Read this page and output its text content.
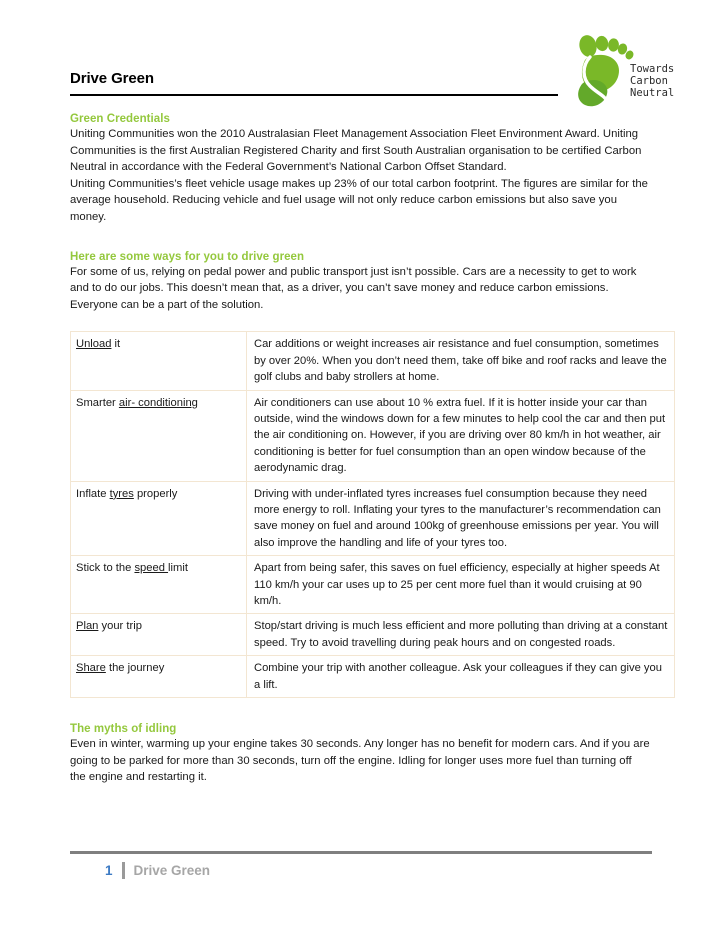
Towards
Carbon
Neutral
Drive Green
Green Credentials

Uniting Communities won the 2010 Australasian Fleet Management Association Fleet Environment Award. Uniting Communities is the first Australian Registered Charity and first South Australian organisation to be certified Carbon Neutral in accordance with the Federal Government’s National Carbon Offset Standard.

Uniting Communities’s fleet vehicle usage makes up 23% of our total carbon footprint. The figures are similar for the average household. Reducing vehicle and fuel usage will not only reduce carbon emissions but also save you money.

Here are some ways for you to drive green

For some of us, relying on pedal power and public transport just isn’t possible. Cars are a necessity to get to work and to do our jobs. This doesn’t mean that, as a driver, you can’t save money and reduce carbon emissions. Everyone can be a part of the solution.

Unload it	Car additions or weight increases air resistance and fuel consumption, sometimes by over 20%. When you don’t need them, take off bike and roof racks and leave the golf clubs and baby strollers at home.
Smarter air- conditioning	Air conditioners can use about 10 % extra fuel. If it is hotter inside your car than outside, wind the windows down for a few minutes to help cool the car and then put the air conditioning on. However, if you are driving over 80 km/h in hot weather, air conditioning is better for fuel consumption than an open window because of the aerodynamic drag.
Inflate tyres properly	Driving with under-inflated tyres increases fuel consumption because they need more energy to roll. Inflating your tyres to the manufacturer’s recommendation can save money on fuel and around 100kg of greenhouse emissions per year. You will also improve the handling and life of your tyres too.
Stick to the speed limit	Apart from being safer, this saves on fuel efficiency, especially at higher speeds At 110 km/h your car uses up to 25 per cent more fuel than it would cruising at 90 km/h.
Plan your trip	Stop/start driving is much less efficient and more polluting than driving at a constant speed. Try to avoid travelling during peak hours and on congested roads.
Share the journey	Combine your trip with another colleague. Ask your colleagues if they can give you a lift.
The myths of idling

Even in winter, warming up your engine takes 30 seconds. Any longer has no benefit for modern cars. And if you are going to be parked for more than 30 seconds, turn off the engine. Idling for longer uses more fuel than turning off the engine and restarting it.

1 Drive Green
